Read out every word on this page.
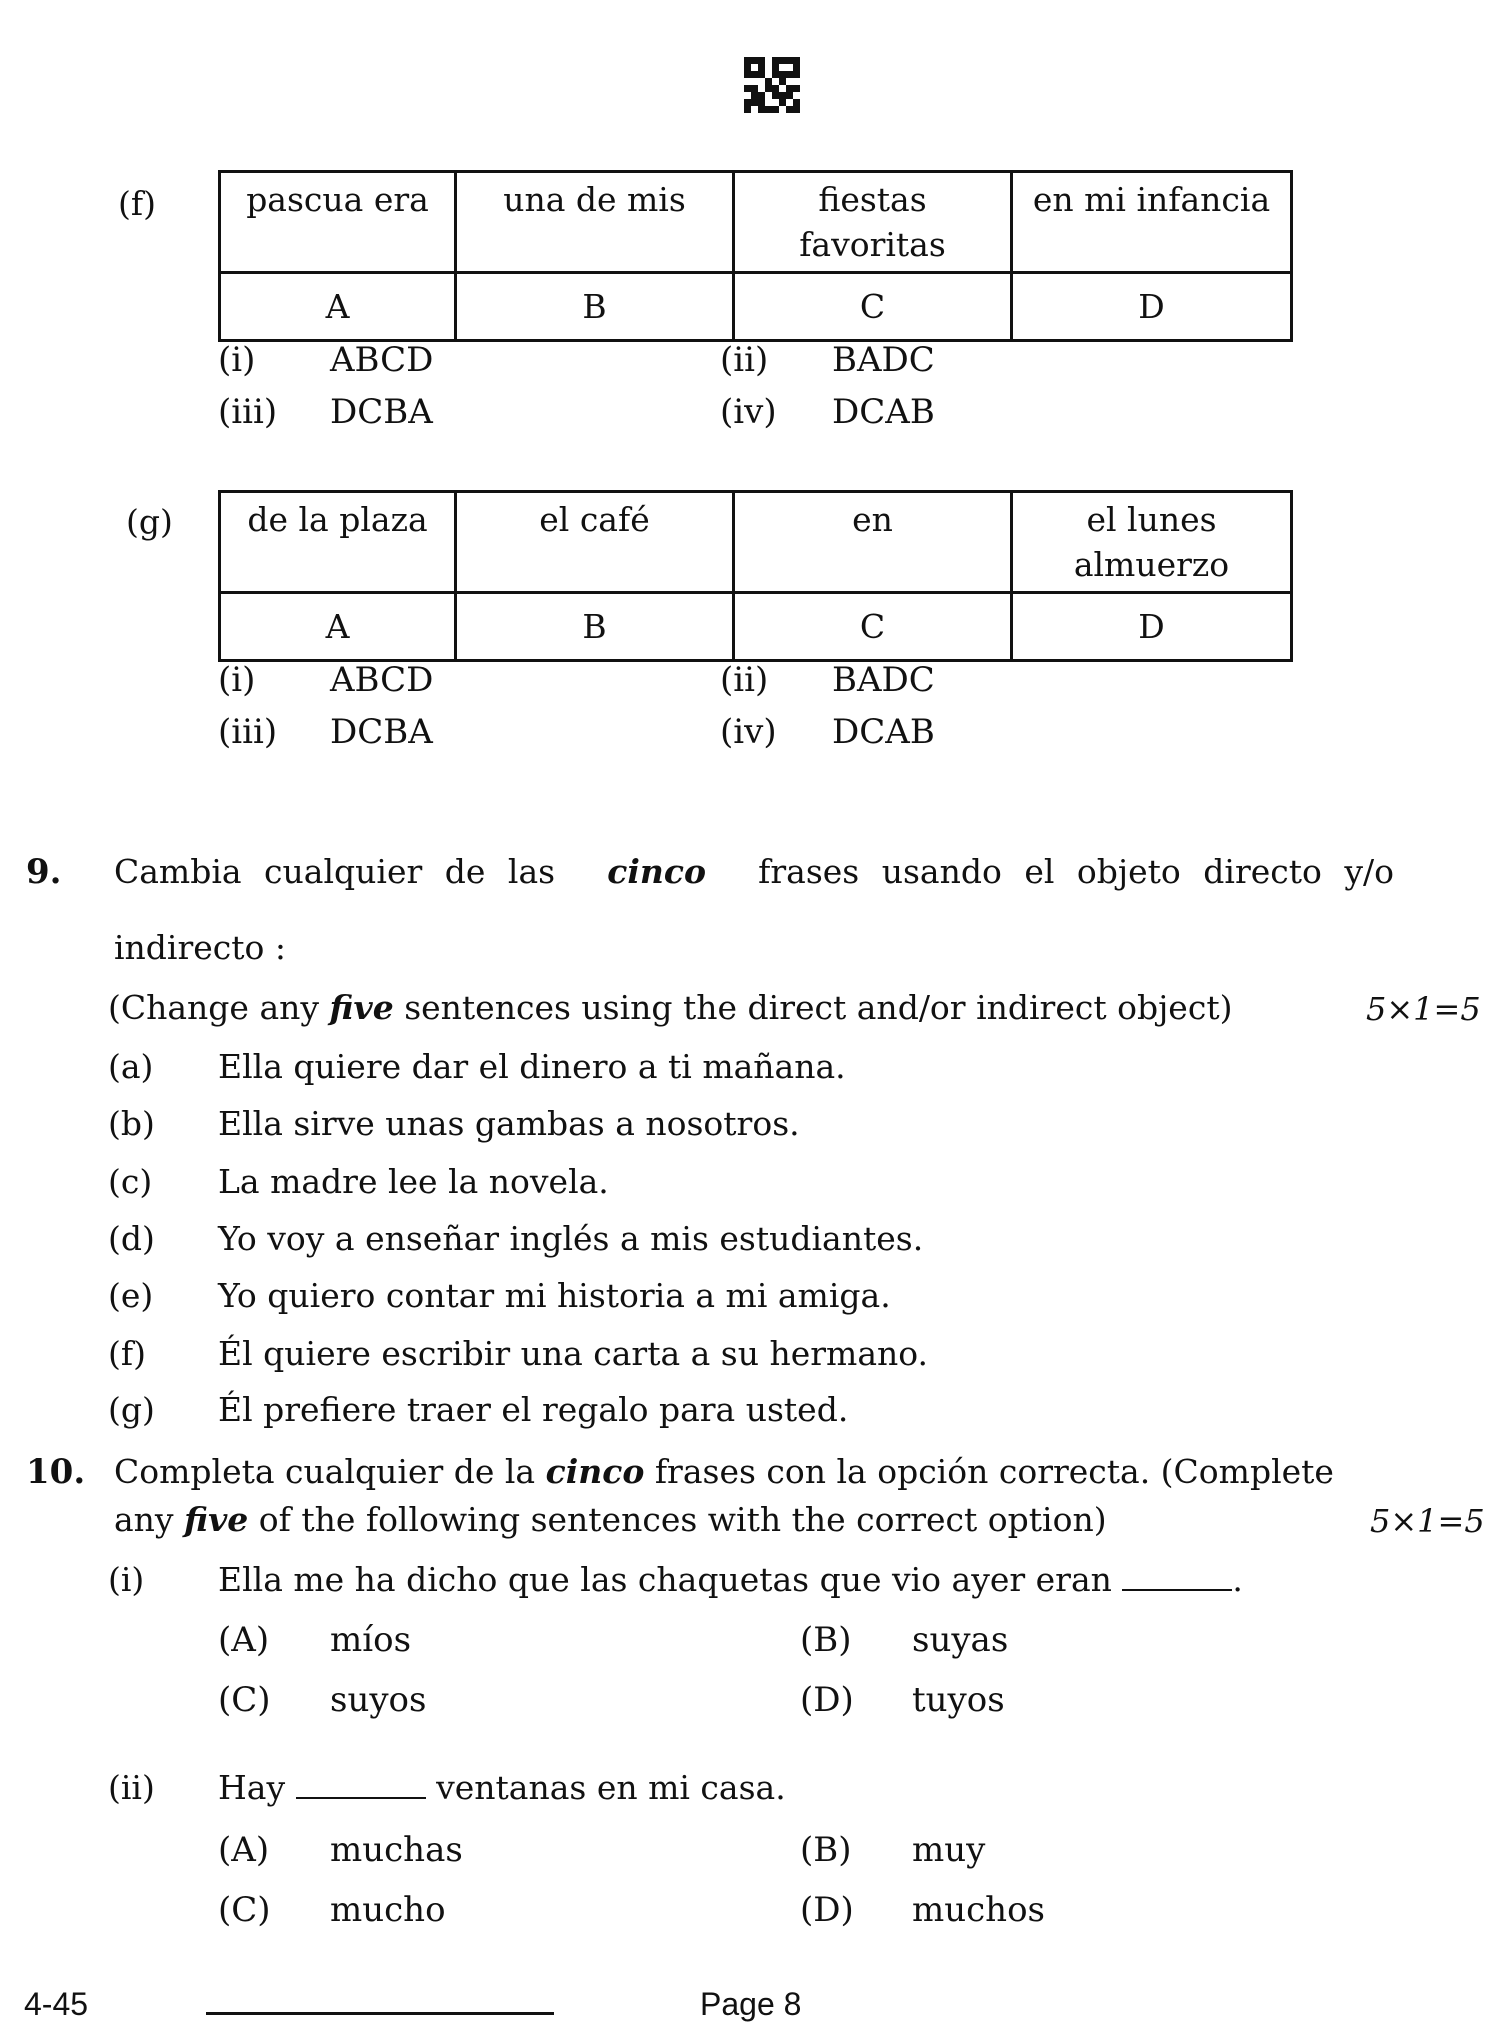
(f)	pascua era	una de mis	fiestas favoritas	en mi infancia
A	B	C	D
(i) ABCD	(ii) BADC
(iii) DCBA	(iv) DCAB
(g) de la plaza	el café	en	el lunes almuerzo
A	B	C	D
(i) ABCD	(ii) BADC
(iii) DCBA	(iv) DCAB
9. Cambia cualquier de las cinco frases usando el objeto directo y/o
indirecto :
(Change any five sentences using the direct and/or indirect object)	5×1=5
(a) Ella quiere dar el dinero a ti mañana.
(b) Ella sirve unas gambas a nosotros.
(c) La madre lee la novela.
(d) Yo voy a enseñar inglés a mis estudiantes.
(e) Yo quiero contar mi historia a mi amiga.
(f) Él quiere escribir una carta a su hermano.
(g) Él prefiere traer el regalo para usted.
10. Completa cualquier de la cinco frases con la opción correcta. (Complete
any five of the following sentences with the correct option)	5×1=5
(i) Ella me ha dicho que las chaquetas que vio ayer eran	.
(A) míos	(B) suyas
(C) suyos	(D) tuyos
(ii) Hay	ventanas en mi casa.
(A) muchas	(B) muy
(C) mucho	(D) muchos
4-45	Page 8
